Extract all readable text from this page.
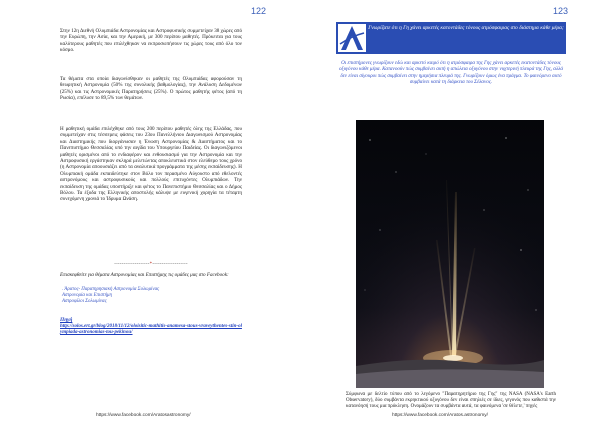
122

Στην 12η Διεθνή Ολυμπιάδα Αστρονομίας και Αστροφυσικής συμμετείχαν 38 χώρες από την Ευρώπη, την Ασία, και την Αμερική, με 300 περίπου μαθητές. Πρόκειται για τους καλύτερους μαθητές που επιλέχθηκαν να εκπροσωπήσουν τις χώρες τους από όλο τον κόσμο.

Τα θέματα στα οποία διαγωνίσθηκαν οι μαθητές της Ολυμπιάδας αφορούσαν τη θεωρητική Αστρονομία (50% της συνολικής βαθμολογίας), την Ανάλυση Δεδομένων (25%) και τις Αστρονομικές Παρατηρήσεις (25%). Ο πρώτος μαθητής φέτος (από τη Ρωσία), επέλυσε το 89,5% των θεμάτων.

Η μαθητική ομάδα επιλέχθηκε από τους 200 περίπου μαθητές όλης της Ελλάδας, που συμμετείχαν στις τέσσερεις φάσεις του 23ου Πανελλήνιου Διαγωνισμού Αστρονομίας και Διαστημικής που διοργάνωσαν η Ένωση Αστρονομίας & Διαστήματος και το Πανεπιστήμιο Θεσσαλίας υπό την αιγίδα του Υπουργείου Παιδείας. Οι διαγωνιζόμενοι μαθητές ορισμένοι από το ενδιαφέρον και ενθουσιασμό για την Αστρονομία και την Αστροφυσική εργάστηκαν σκληρά μελετώντας αποκλειστικά στον ελεύθερο τους χρόνο (η Αστρονομία αποουσιάζει από τα αναλυτικά προγράμματα της μέσης εκπαίδευσης). Η Ολυμπιακή ομάδα εκπαιδεύτηκε στον Βόλο τον περασμένο Αύγουστο από εθελοντές αστρονόμους και αστροφυσικούς και πολλούς επιτυχόντες Ολυμπιάδων. Την εκπαίδευση της ομάδας υποστήριξε και φέτος το Πανεπιστήμιο Θεσσαλίας και ο Δήμος Βόλου. Τα έξοδα της Ελληνικής αποστολής κάλυψε με ευγενική χορηγία τα τέταρτη συνεχόμενη χρονιά το Ίδρυμα Ωνάση.

-------------------*-------------------

Επισκεφθείτε για θέματα Αστρονομίας και Επιστήμης τις ομάδες μας στο Facebook:

. Άρατος- Παρατηρησιακή Αστρονομία Σολωμίνας
Αστρονομία και Επιστήμη
Αστροφίλοι Σολωμίνας
Πηγή
http://solos.ert.gr/blog/2018/11/12/oloisitic-mathitis-anamesa-stous-vraveythentes-stin-olympiada-astronomias-tou-pekinou/
https://www.facebook.com/Aratosastronomy/
123

Γνωρίζατε ότι η Γη χάνει αρκετές κατοντάδες τόνους ατμόσφαιρας στο διάστημα κάθε μέρα;

Οι επιστήμονες γνωρίζουν εδώ και αρκετό καιρό ότι η ατμόσφαιρα της Γης χάνει αρκετές εκατοντάδες τόνους οξυγόνου κάθε μέρα. Κατανοούν πώς συμβαίνει αυτή η απώλεια οξυγόνου στην νυχτερινή πλευρά της Γης, αλλά δεν είναι σίγουροι πώς συμβαίνει στην ημερήσια πλευρά της. Γνωρίζουν όμως ένα πράγμα. Το φαινόμενο αυτό συμβαίνει κατά τη διάρκεια του Σέλανος.

Σύμφωνα με δελτίο τύπου από το λεγόμενο "Παρατηρητήριο της Γης" της NASA (NASA's Earth Observatory), δύο συμβάντα εκρηκτικού οξυγόνου δεν είναι σπηλιές σε ίδιες, γεγονός που καθιστά την κατανόησή τους μια πρόκληση. Ονομάζουν τα συμβάντα αυτά, τα φαινόμενα 'σε θέλετε,' πηγές

https://www.facebook.com/Aratos.astronomy/
